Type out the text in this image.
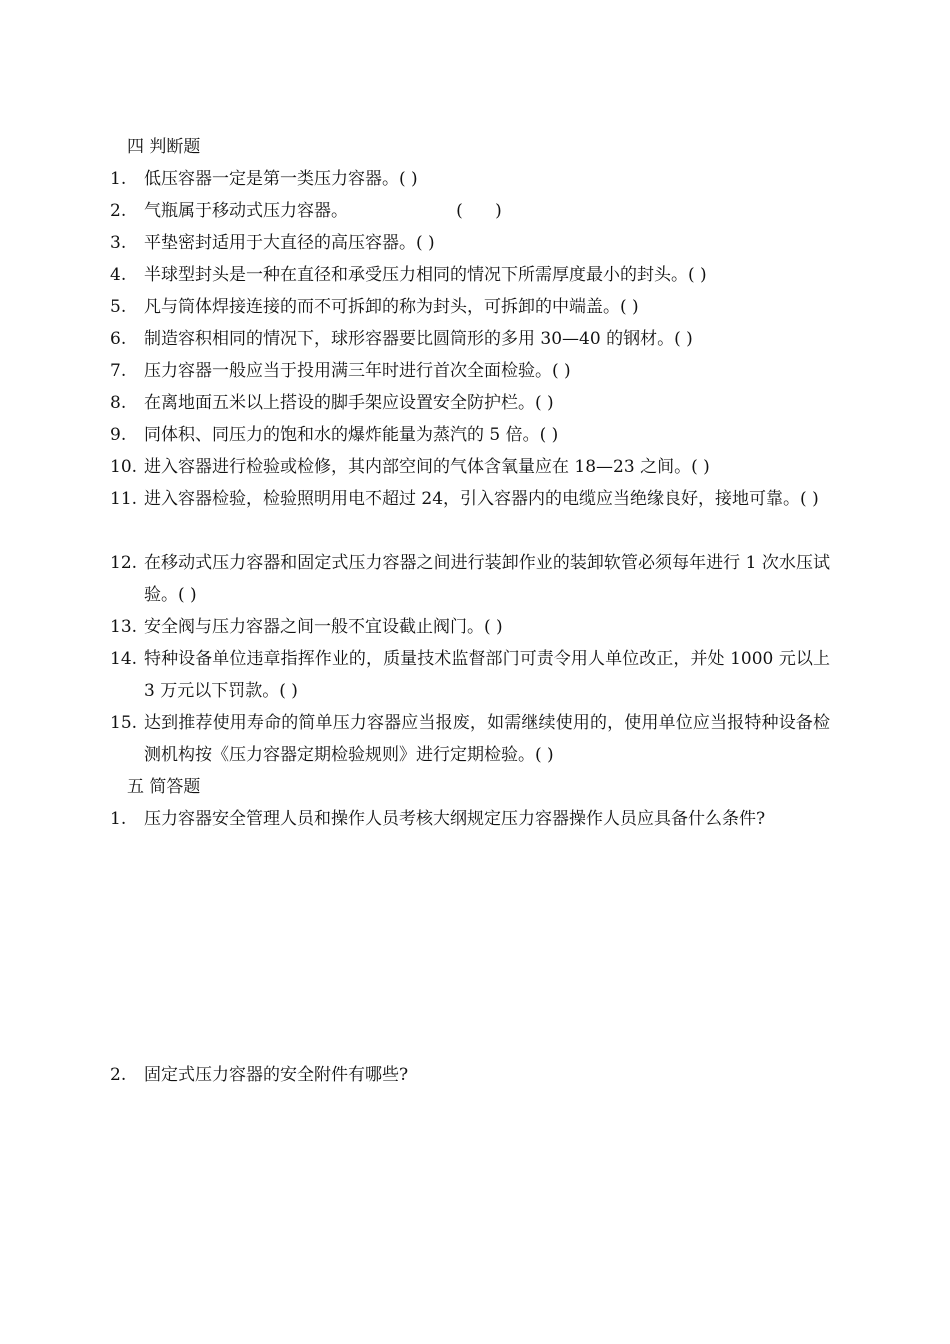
四 判断题
1.	低压容器一定是第一类压力容器。( )
2.	气瓶属于移动式压力容器。                    (      )
3.	平垫密封适用于大直径的高压容器。( )
4.	半球型封头是一种在直径和承受压力相同的情况下所需厚度最小的封头。( )
5.	凡与筒体焊接连接的而不可拆卸的称为封头，可拆卸的中端盖。( )
6.	制造容积相同的情况下，球形容器要比圆筒形的多用 30—40 的钢材。( )
7.	压力容器一般应当于投用满三年时进行首次全面检验。( )
8.	在离地面五米以上搭设的脚手架应设置安全防护栏。( )
9.	同体积、同压力的饱和水的爆炸能量为蒸汽的 5 倍。( )
10. 进入容器进行检验或检修，其内部空间的气体含氧量应在 18—23 之间。( )
11. 进入容器检验，检验照明用电不超过 24，引入容器内的电缆应当绝缘良好，接地可靠。( )
12. 在移动式压力容器和固定式压力容器之间进行装卸作业的装卸软管必须每年进行 1 次水压试验。( )
13. 安全阀与压力容器之间一般不宜设截止阀门。( )
14. 特种设备单位违章指挥作业的，质量技术监督部门可责令用人单位改正，并处 1000 元以上 3 万元以下罚款。( )
15. 达到推荐使用寿命的简单压力容器应当报废，如需继续使用的，使用单位应当报特种设备检测机构按《压力容器定期检验规则》进行定期检验。( )
五 简答题
1.	压力容器安全管理人员和操作人员考核大纲规定压力容器操作人员应具备什么条件?
2.	固定式压力容器的安全附件有哪些?
